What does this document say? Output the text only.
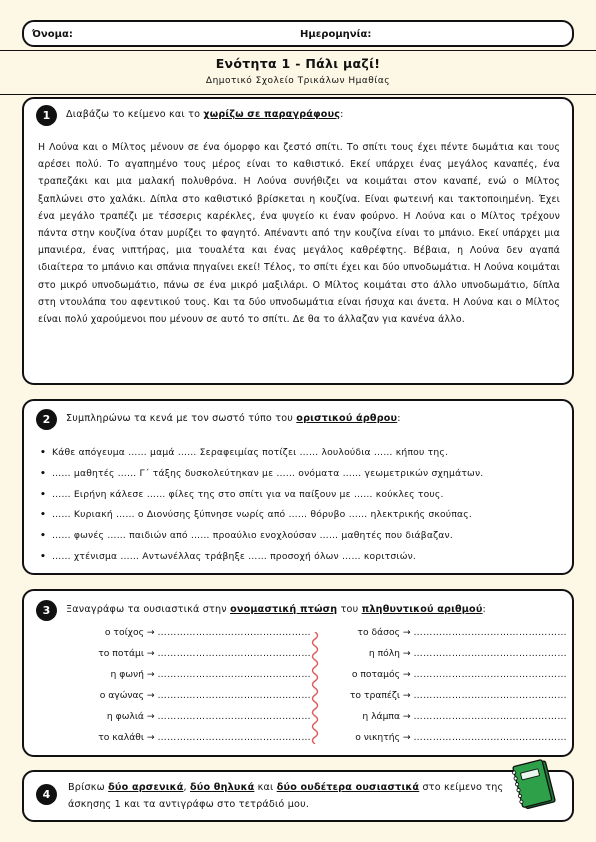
Όνομα:	Ημερομηνία:
Ενότητα 1 - Πάλι μαζί!
Δημοτικό Σχολείο Τρικάλων Ημαθίας
1	Διαβάζω το κείμενο και το χωρίζω σε παραγράφους:
Η Λούνα και ο Μίλτος μένουν σε ένα όμορφο και ζεστό σπίτι. Το σπίτι τους έχει πέντε δωμάτια και τους αρέσει πολύ. Το αγαπημένο τους μέρος είναι το καθιστικό. Εκεί υπάρχει ένας μεγάλος καναπές, ένα τραπεζάκι και μια μαλακή πολυθρόνα. Η Λούνα συνήθιζει να κοιμάται στον καναπέ, ενώ ο Μίλτος ξαπλώνει στο χαλάκι. Δίπλα στο καθιστικό βρίσκεται η κουζίνα. Είναι φωτεινή και τακτοποιημένη. Έχει ένα μεγάλο τραπέζι με τέσσερις καρέκλες, ένα ψυγείο κι έναν φούρνο. Η Λούνα και ο Μίλτος τρέχουν πάντα στην κουζίνα όταν μυρίζει το φαγητό. Απέναντι από την κουζίνα είναι το μπάνιο. Εκεί υπάρχει μια μπανιέρα, ένας νιπτήρας, μια τουαλέτα και ένας μεγάλος καθρέφτης. Βέβαια, η Λούνα δεν αγαπά ιδιαίτερα το μπάνιο και σπάνια πηγαίνει εκεί! Τέλος, το σπίτι έχει και δύο υπνοδωμάτια. Η Λούνα κοιμάται στο μικρό υπνοδωμάτιο, πάνω σε ένα μικρό μαξιλάρι. Ο Μίλτος κοιμάται στο άλλο υπνοδωμάτιο, δίπλα στη ντουλάπα του αφεντικού τους. Και τα δύο υπνοδωμάτια είναι ήσυχα και άνετα. Η Λούνα και ο Μίλτος είναι πολύ χαρούμενοι που μένουν σε αυτό το σπίτι. Δε θα το άλλαζαν για κανένα άλλο.
2	Συμπληρώνω τα κενά με τον σωστό τύπο του οριστικού άρθρου:
• Κάθε απόγευμα …… μαμά …… Σεραφειμίας ποτίζει …… λουλούδια …… κήπου της.
• …… μαθητές …… Γ΄ τάξης δυσκολεύτηκαν με …… ονόματα …… γεωμετρικών σχημάτων.
• …… Ειρήνη κάλεσε …… φίλες της στο σπίτι για να παίξουν με …… κούκλες τους.
• …… Κυριακή …… ο Διονύσης ξύπνησε νωρίς από …… θόρυβο …… ηλεκτρικής σκούπας.
• …… φωνές …… παιδιών από …… προαύλιο ενοχλούσαν …… μαθητές που διάβαζαν.
• …… χτένισμα …… Αντωνέλλας τράβηξε …… προσοχή όλων …… κοριτσιών.
3	Ξαναγράφω τα ουσιαστικά στην ονομαστική πτώση του πληθυντικού αριθμού:
ο τοίχος → …………………………………………
το ποτάμι → …………………………………………
η φωνή → …………………………………………
ο αγώνας → …………………………………………
η φωλιά → …………………………………………
το καλάθι → …………………………………………
το δάσος → …………………………………………
η πόλη → …………………………………………
ο ποταμός → …………………………………………
το τραπέζι → …………………………………………
η λάμπα → …………………………………………
ο νικητής → …………………………………………
4
Βρίσκω δύο αρσενικά, δύο θηλυκά και δύο ουδέτερα ουσιαστικά στο κείμενο της άσκησης 1 και τα αντιγράφω στο τετράδιό μου.
